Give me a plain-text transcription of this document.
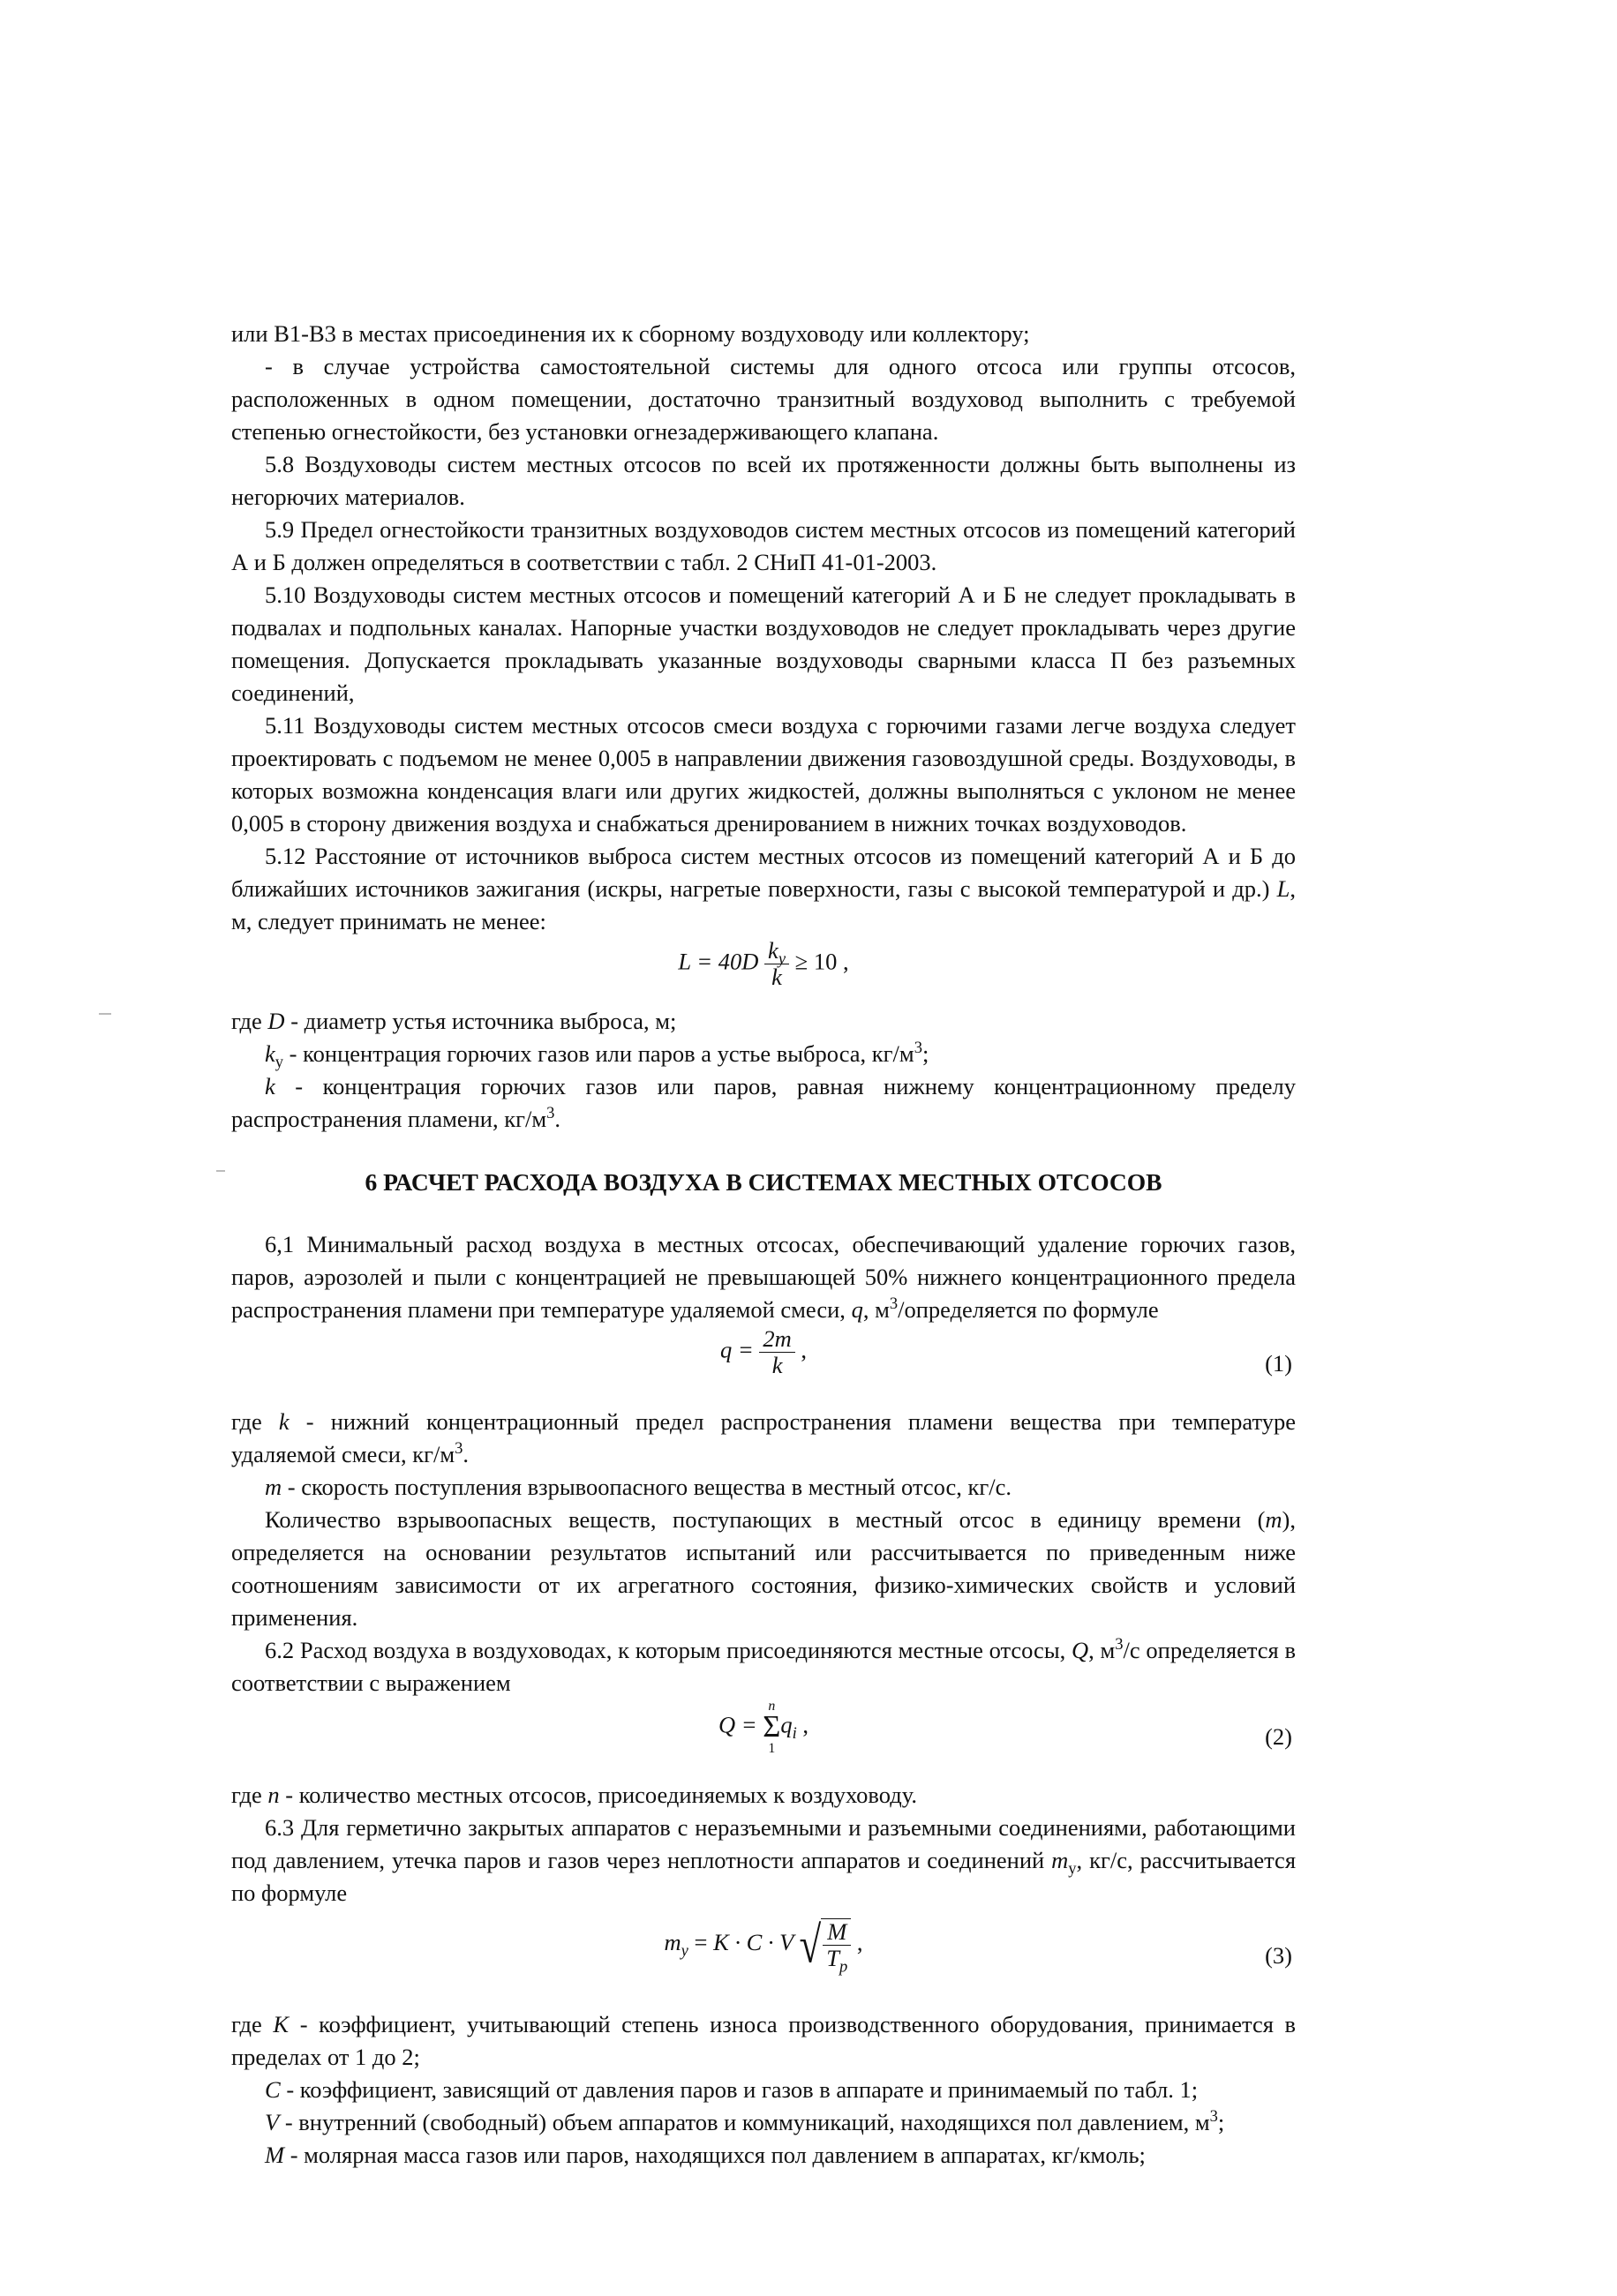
или В1-В3 в местах присоединения их к сборному воздуховоду или коллектору;

- в случае устройства самостоятельной системы для одного отсоса или группы отсосов, расположенных в одном помещении, достаточно транзитный воздуховод выполнить с требуемой степенью огнестойкости, без установки огнезадерживающего клапана.

5.8 Воздуховоды систем местных отсосов по всей их протяженности должны быть выполнены из негорючих материалов.

5.9 Предел огнестойкости транзитных воздуховодов систем местных отсосов из помещений категорий А и Б должен определяться в соответствии с табл. 2 СНиП 41-01-2003.

5.10 Воздуховоды систем местных отсосов и помещений категорий А и Б не следует прокладывать в подвалах и подпольных каналах. Напорные участки воздуховодов не следует прокладывать через другие помещения. Допускается прокладывать указанные воздуховоды сварными класса П без разъемных соединений,

5.11 Воздуховоды систем местных отсосов смеси воздуха с горючими газами легче воздуха следует проектировать с подъемом не менее 0,005 в направлении движения газовоздушной среды. Воздуховоды, в которых возможна конденсация влаги или других жидкостей, должны выполняться с уклоном не менее 0,005 в сторону движения воздуха и снабжаться дренированием в нижних точках воздуховодов.

5.12 Расстояние от источников выброса систем местных отсосов из помещений категорий А и Б до ближайших источников зажигания (искры, нагретые поверхности, газы с высокой температурой и др.) L, м, следует принимать не менее:

$L = 40D \frac{k_у}{k} \ge 10$ ,

где D - диаметр устья источника выброса, м;

$k_у$ - концентрация горючих газов или паров а устье выброса, $кг/м^3$;

k - концентрация горючих газов или паров, равная нижнему концентрационному пределу распространения пламени, $кг/м^3$.

6 РАСЧЕТ РАСХОДА ВОЗДУХА В СИСТЕМАХ МЕСТНЫХ ОТСОСОВ

6,1 Минимальный расход воздуха в местных отсосах, обеспечивающий удаление горючих газов, паров, аэрозолей и пыли с концентрацией не превышающей 50% нижнего концентрационного предела распространения пламени при температуре удаляемой смеси, q, $м^3$/определяется по формуле

$q = \frac{2m}{k}$ ,
(1)

где k - нижний концентрационный предел распространения пламени вещества при температуре удаляемой смеси, $кг/м^3$.

m - скорость поступления взрывоопасного вещества в местный отсос, кг/с.

Количество взрывоопасных веществ, поступающих в местный отсос в единицу времени (m), определяется на основании результатов испытаний или рассчитывается по приведенным ниже соотношениям зависимости от их агрегатного состояния, физико-химических свойств и условий применения.

6.2 Расход воздуха в воздуховодах, к которым присоединяются местные отсосы, Q, $м^3/с$ определяется в соответствии с выражением

Q =
n
Σ
1
$q_i$ ,	(2)

где n - количество местных отсосов, присоединяемых к воздуховоду.

6.3 Для герметично закрытых аппаратов с неразъемными и разъемными соединениями, работающими под давлением, утечка паров и газов через неплотности аппаратов и соединений $m_у$, кг/с, рассчитывается по формуле

$m_у = K \cdot C \cdot V$ √ $\frac{M}{T_р}$ ,	(3)

где K - коэффициент, учитывающий степень износа производственного оборудования, принимается в пределах от 1 до 2;

C - коэффициент, зависящий от давления паров и газов в аппарате и принимаемый по табл. 1;

V - внутренний (свободный) объем аппаратов и коммуникаций, находящихся пол давлением, $м^3$;

M - молярная масса газов или паров, находящихся пол давлением в аппаратах, кг/кмоль;
